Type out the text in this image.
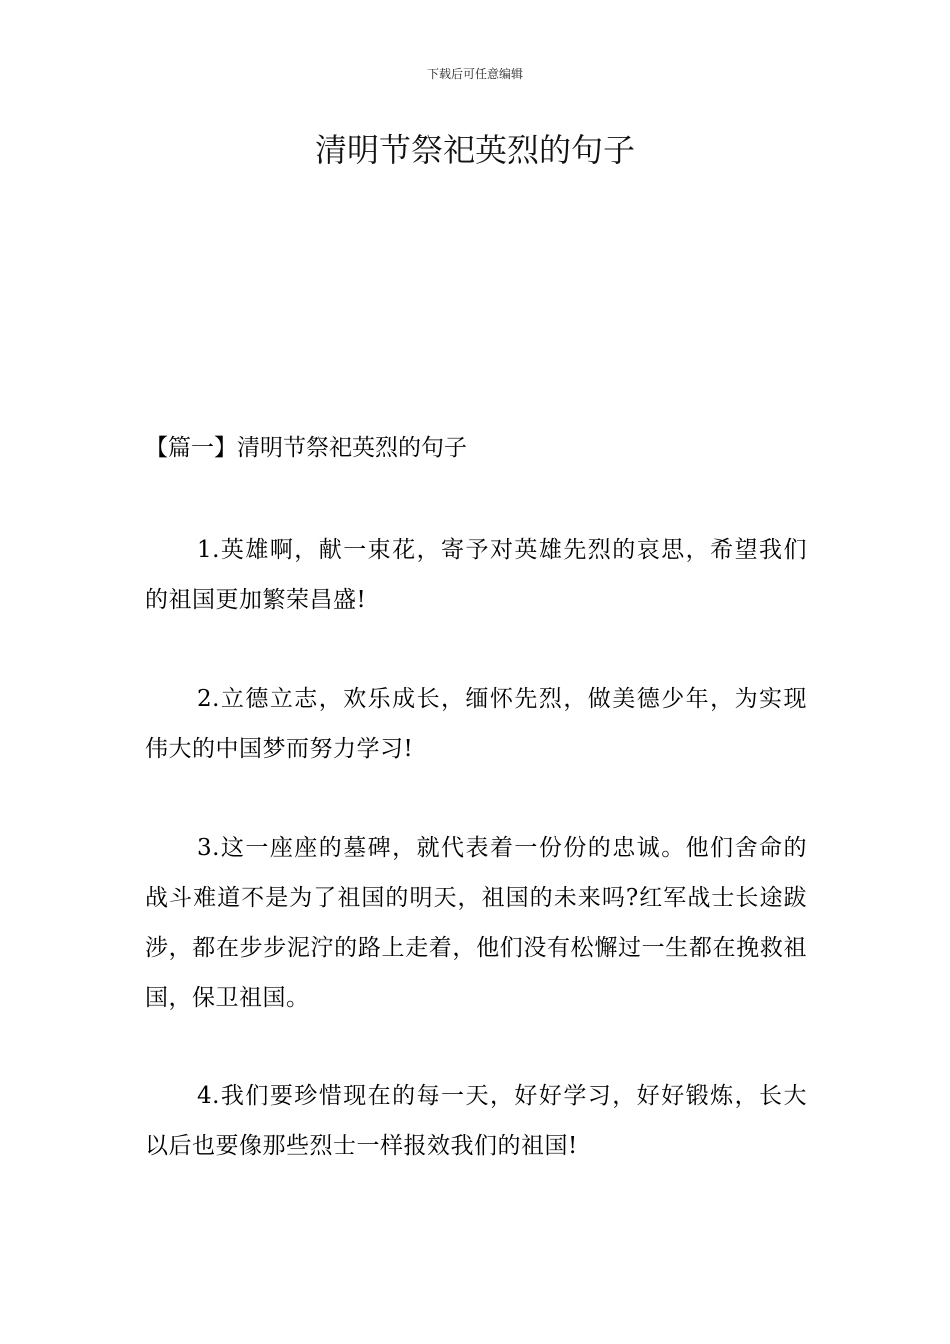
下载后可任意编辑
清明节祭祀英烈的句子
【篇一】清明节祭祀英烈的句子

1.英雄啊，献一束花，寄予对英雄先烈的哀思，希望我们的祖国更加繁荣昌盛!

2.立德立志，欢乐成长，缅怀先烈，做美德少年，为实现伟大的中国梦而努力学习!

3.这一座座的墓碑，就代表着一份份的忠诚。他们舍命的战斗难道不是为了祖国的明天，祖国的未来吗?红军战士长途跋涉，都在步步泥泞的路上走着，他们没有松懈过一生都在挽救祖国，保卫祖国。

4.我们要珍惜现在的每一天，好好学习，好好锻炼，长大以后也要像那些烈士一样报效我们的祖国!
